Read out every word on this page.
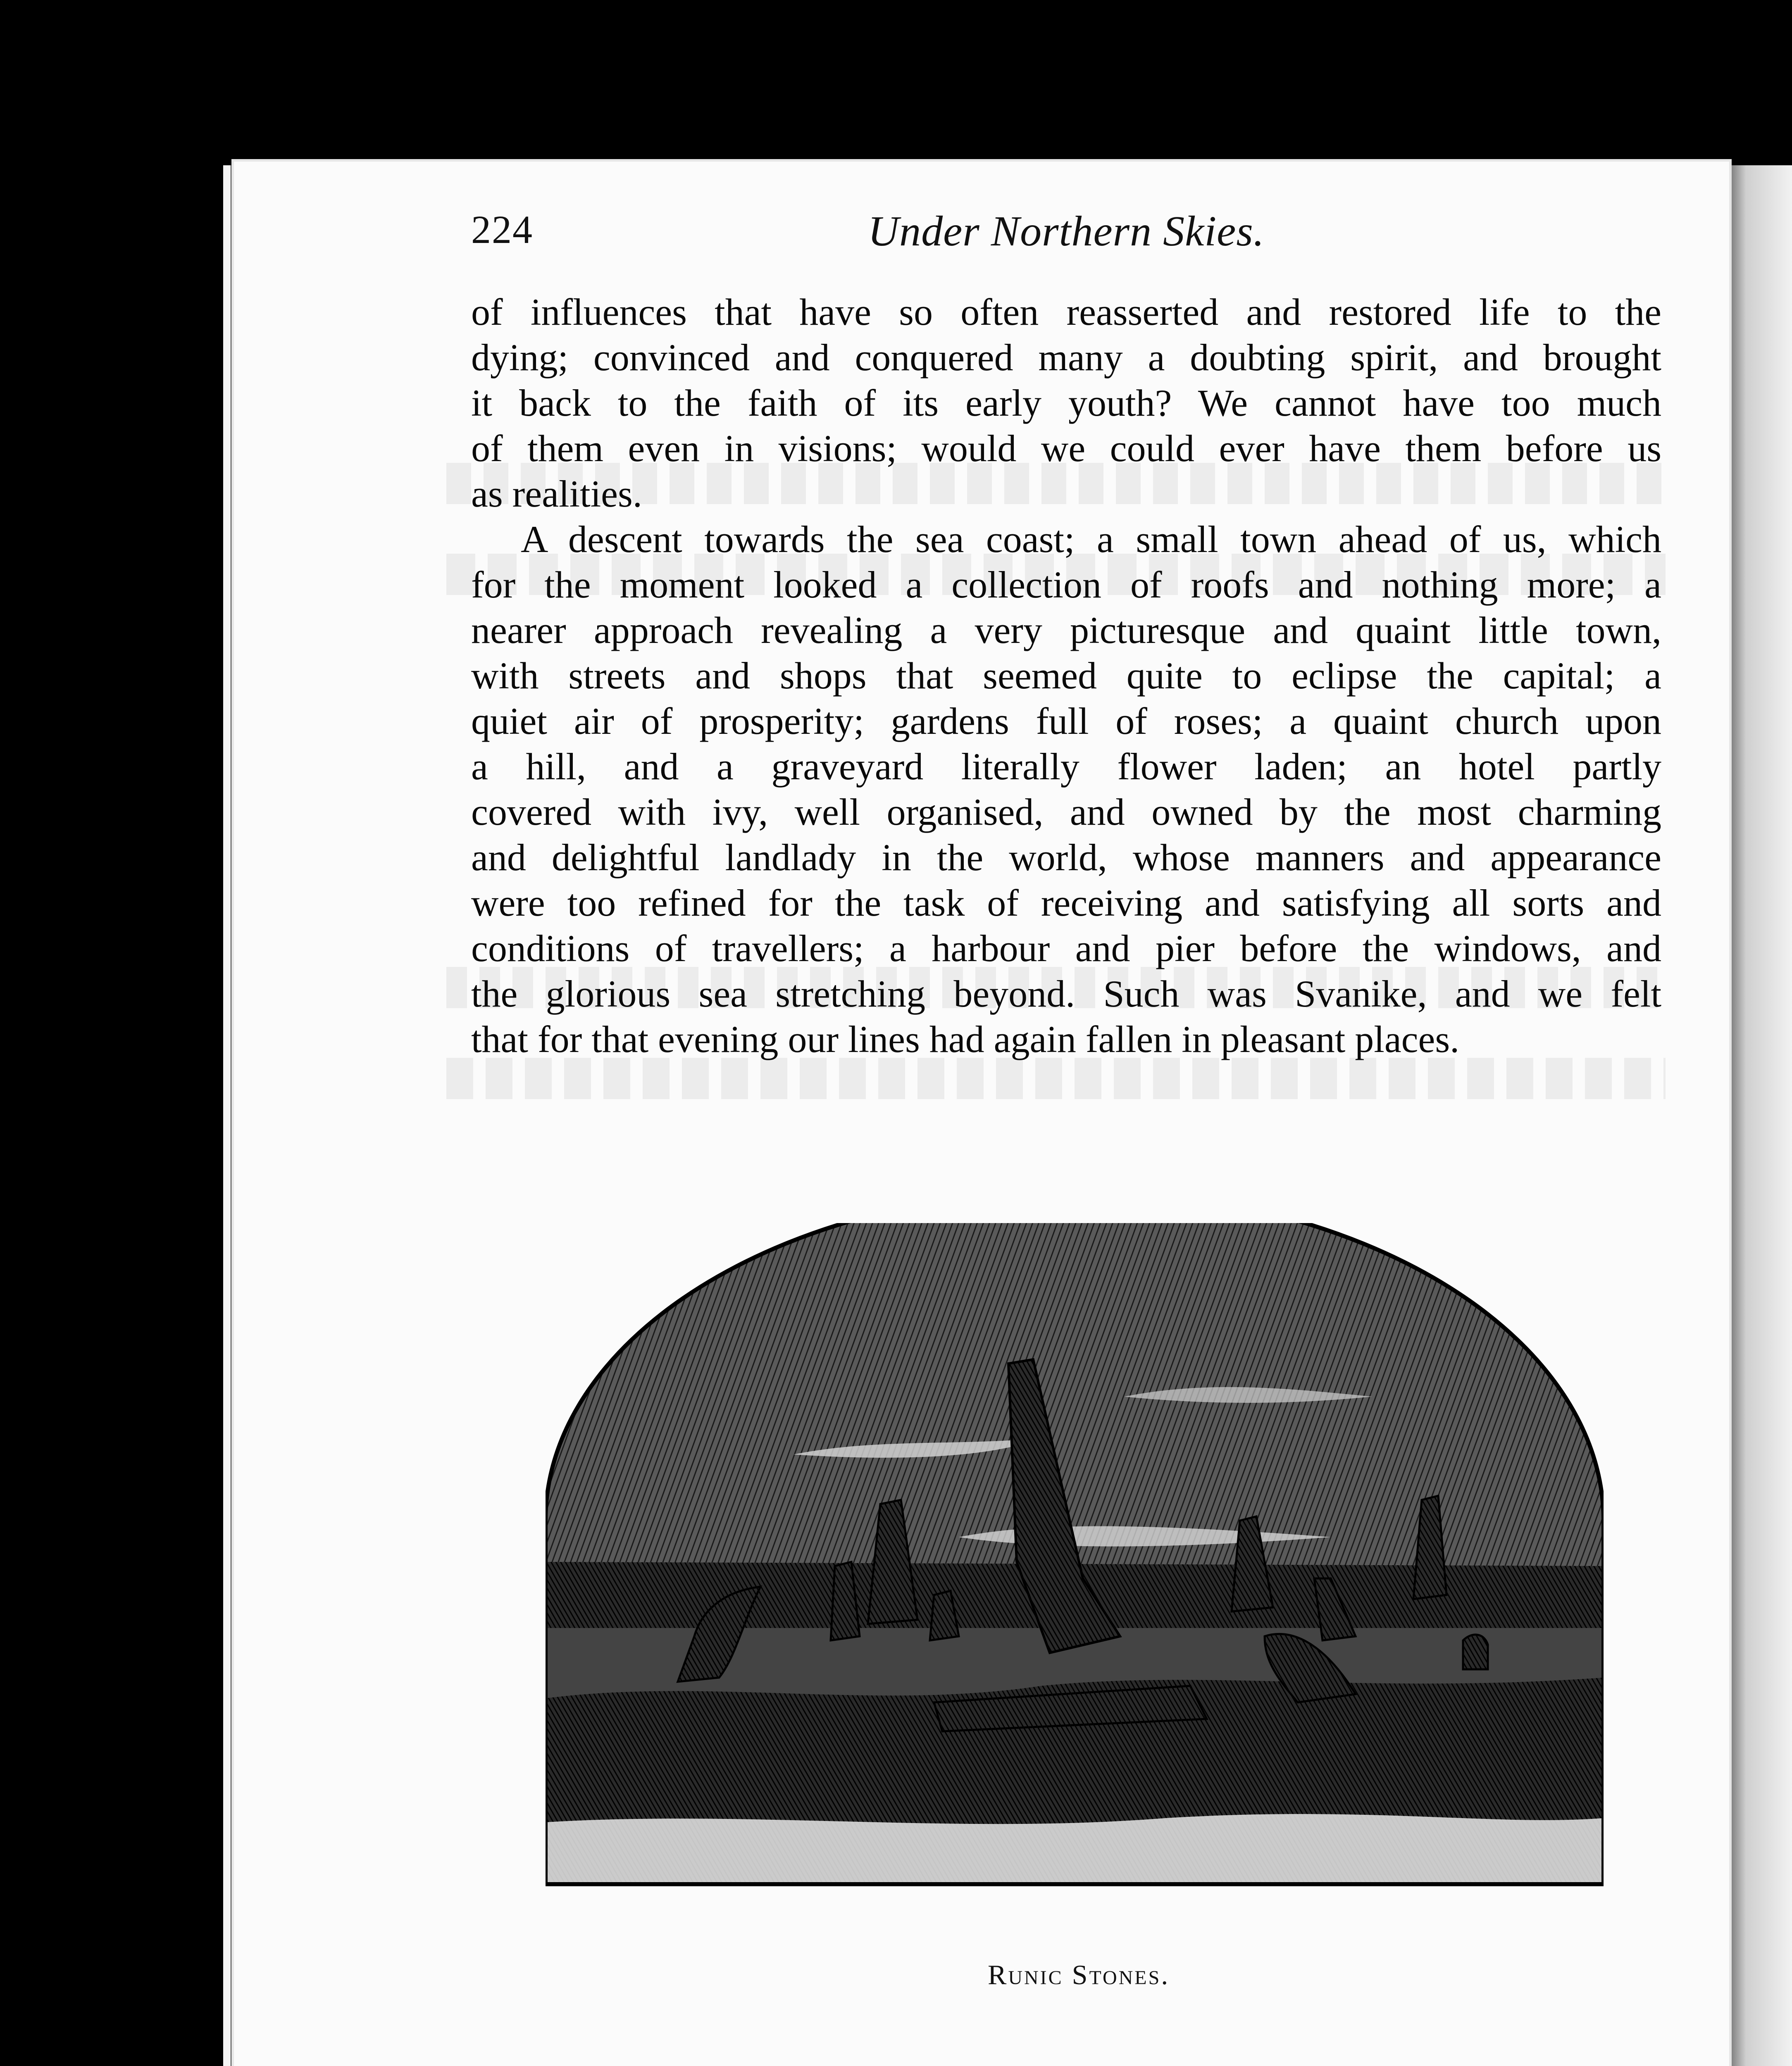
224	Under Northern Skies.

of influences that have so often reasserted and restored life to the
dying; convinced and conquered many a doubting spirit, and brought
it back to the faith of its early youth? We cannot have too much
of them even in visions; would we could ever have them before us
as realities.

A descent towards the sea coast; a small town ahead of us, which
for the moment looked a collection of roofs and nothing more; a
nearer approach revealing a very picturesque and quaint little town,
with streets and shops that seemed quite to eclipse the capital; a
quiet air of prosperity; gardens full of roses; a quaint church upon
a hill, and a graveyard literally flower laden; an hotel partly
covered with ivy, well organised, and owned by the most charming
and delightful landlady in the world, whose manners and appearance
were too refined for the task of receiving and satisfying all sorts and
conditions of travellers; a harbour and pier before the windows, and
the glorious sea stretching beyond. Such was Svanike, and we felt
that for that evening our lines had again fallen in pleasant places.

Runic Stones.
